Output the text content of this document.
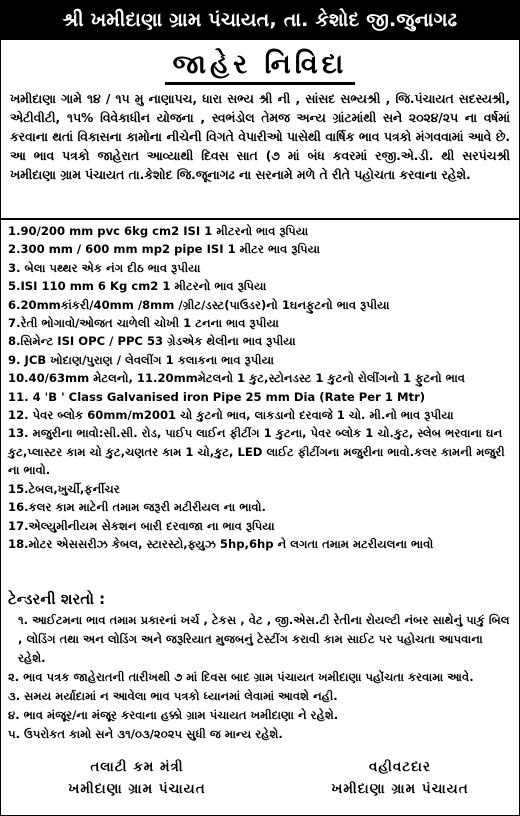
શ્રી ખમીદાણા ગ્રામ પંચાયત, તા. કેશોદ જી.જુનાગઢ
જાહેર નિવિદા
ખમીદાણા ગામે ૧૪ / ૧૫ મુ નાણાપચ, ધારા સભ્ય શ્રી ની , સાંસદ સભ્યશ્રી , જિ.પંચાયત સદસ્યશ્રી, એટીવીટી, ૧૫% વિવેકાધીન યોજના , સ્વભંડોલ તેમજ અન્ય ગ્રાંટમાંથી સને ૨૦૨૪/૨૫ ના વર્ષમાં કરવાના થતાં વિકાસના કામોના નીચેની વિગતે વેપારીઓ પાસેથી વાર્ષિક ભાવ પત્રકો મંગવવામાં આવે છે. આ ભાવ પત્રકો જાહેરાત આવ્યાથી દિવસ સાત (૭ માં બંધ કવરમાં રજી.એ.ડી. થી સરપંચશ્રી ખમીદાણા ગ્રામ પંચાયત તા.કેશોદ જિ.જૂનાગઢ ના સરનામે મળે તે રીતે પહોચતા કરવાના રહેશે.
1.90/200 mm pvc 6kg cm2 ISI 1 મીટરનો ભાવ રૂપિયા
2.300 mm / 600 mm mp2 pipe ISI 1 મીટર ભાવ રૂપિયા
3. બેલા પથ્થર એક નંગ દીઠ ભાવ રૂપીયા
5.ISI 110 mm 6 Kg cm2 1 મીટરનો ભાવ રૂપિયા
6.20mmકાંકરી/40mm /8mm /ગ્રીટ/ડસ્ટ(પાઉડર)નો 1ઘનફુટનો ભાવ રૂપીયા
7.રેતી ભોગાવો/ઓજત ચાળેલી ચોખી 1 ટનના ભાવ રૂપીયા
8.સિમેન્ટ ISI OPC / PPC 53 ગ્રેડએક થેલીના ભાવ રૂપીયા
9. JCB ખોદાણ/પુરાણ / લેવલીંગ 1 કલાકના ભાવ રૂપીયા
10.40/63mm મેટલનો, 11.20mmમેટલનો 1 કુટ,સ્ટોનડસ્ટ 1 કુટનો રોલીંગનો 1 ફુટનો ભાવ
11. 4 'B ' Class Galvanised iron Pipe 25 mm Dia (Rate Per 1 Mtr)
12. પેવર બ્લોક 60mm/m2001 ચો કુટનો ભાવ, લાકડાનો દરવાજે 1 ચો. મી.નો ભાવ રૂપીયા
13. મજુરીના ભાવો:સી.સી. રોડ, પાઈપ લાઈન ફીટીંગ 1 કુટના, પેવર બ્લોક 1 ચો.કુટ, સ્લેબ ભરવાના ઘન કુટ,પ્લાસ્ટર કામ ચો કુટ,ચણતર કામ 1 ચો,કુટ, LED લાઈટ ફીટીંગના મજુરીના ભાવો.કલર કામની મજુરી ના ભાવો.
15.ટેબલ,ખુર્ચી,ફર્નીચર
16.કલર કામ માટેની તમામ જરૂરી મટીરીયલ ના ભાવો.
17.એલ્યુમીનીયમ સેકશન બારી દરવાજા ના ભાવ રૂપિયા
18.મોટર એસસરીઝ કેબલ, સ્ટારસ્ટો,ફ્યુઝ 5hp,6hp ને લગતા તમામ મટરીયલના ભાવો
ટેન્ડરની શરતો :
૧. આઈટમના ભાવ તમામ પ્રકારનાં ખર્ચ , ટેકસ , વેટ , જી.એસ.ટી રેતીના રોયલ્ટી નંબર સાથેનું પાકું બિલ , લોડિંગ તથા અન લોડિંગ અને જરૂરિયાત મુજબનું ટેસ્ટીંગ કરાવી કામ સાઈટ પર પહોચતા આપવાના રહેશે.
૨. ભાવ પત્રક જાહેરાતની તારીખથી ૭ માં દિવસ બાદ ગ્રામ પંચાયત ખમીદાણા પહોંચતા કરવામા આવે.
૩. સમય મર્યાદામાં ન આવેલા ભાવ પત્રકો ધ્યાનમાં લેવામાં આવશે નહી.
૪. ભાવ મંજૂર/ના મંજૂર કરવાના હક્કો ગ્રામ પંચાયત ખમીદાણા ને રહેશે.
૫. ઉપરોકત કામો સને ૩૧/૦૩/૨૦૨૫ સુધી જ માન્ય રહેશે.
તલાટી કમ મંત્રી
ખમીદાણા ગ્રામ પંચાયત
વહીવટદાર
ખમીદાણા ગ્રામ પંચાયત
